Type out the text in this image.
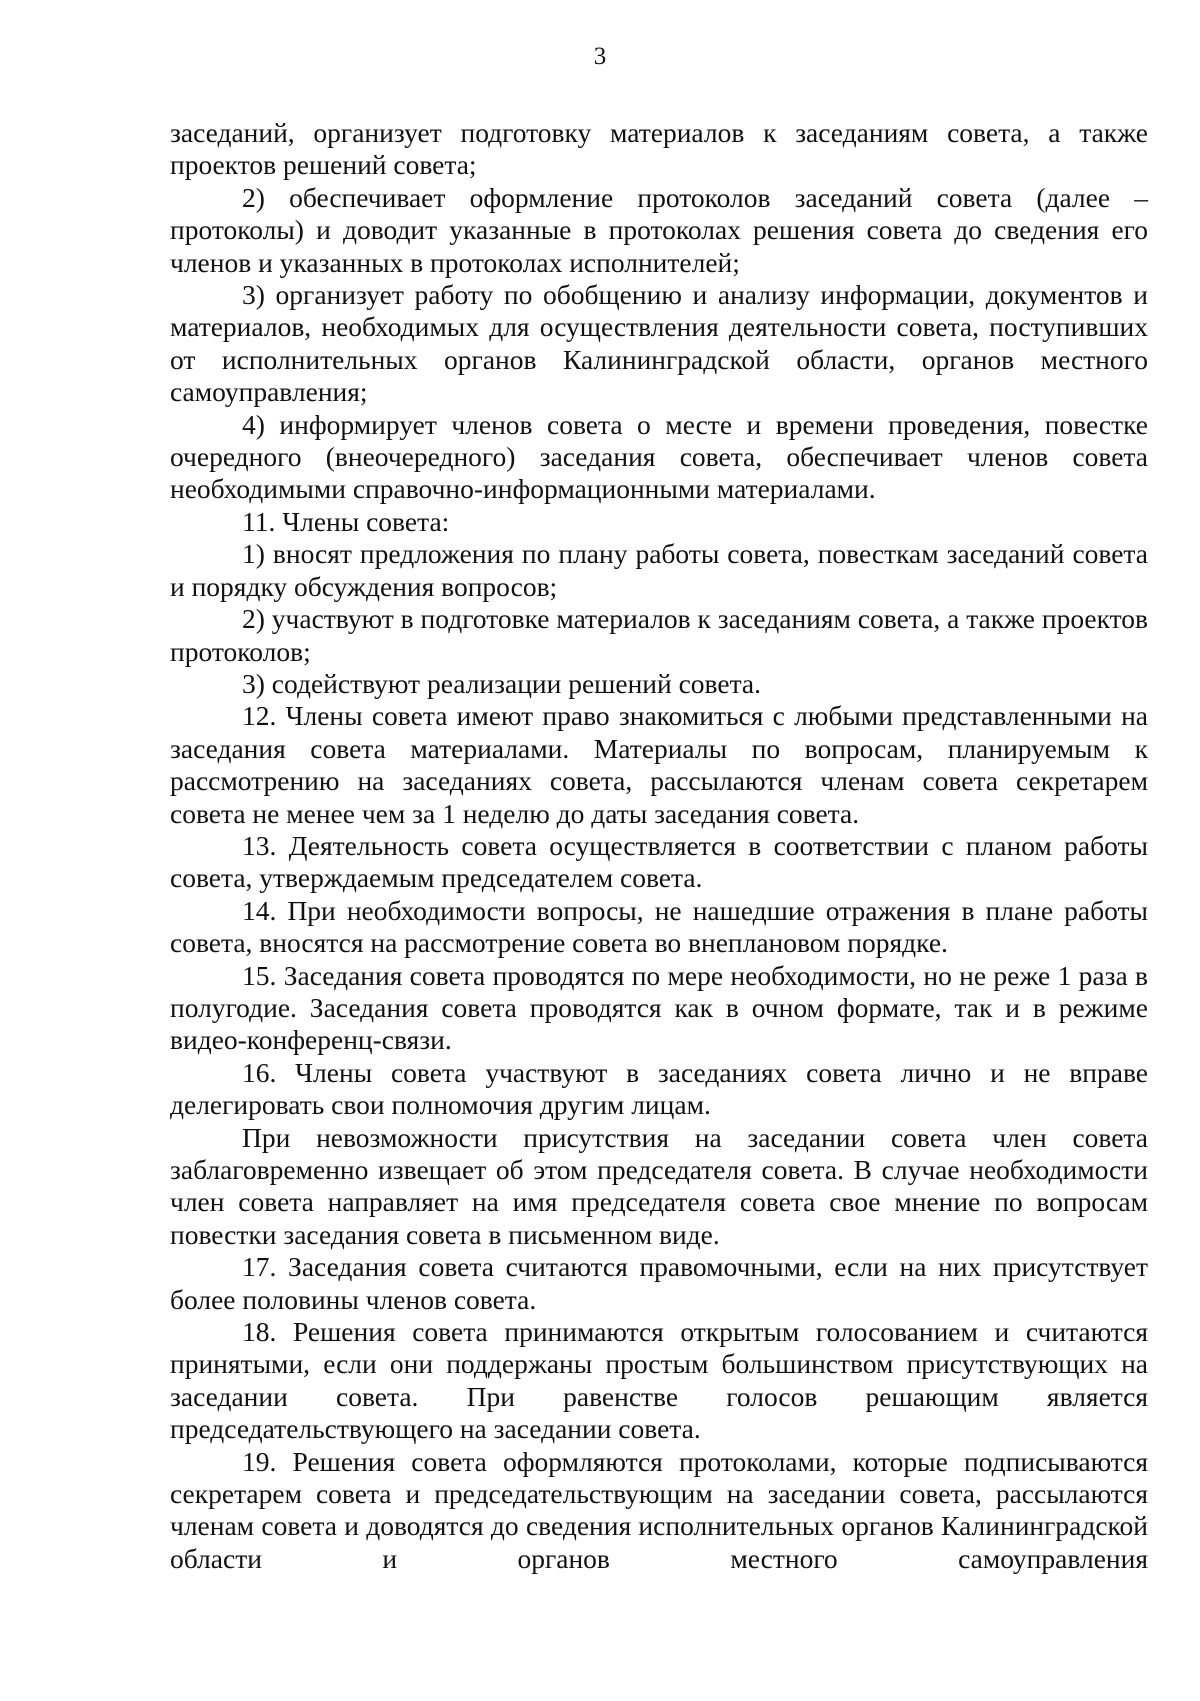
3

заседаний, организует подготовку материалов к заседаниям совета, а также проектов решений совета;

2) обеспечивает оформление протоколов заседаний совета (далее – протоколы) и доводит указанные в протоколах решения совета до сведения его членов и указанных в протоколах исполнителей;

3) организует работу по обобщению и анализу информации, документов и материалов, необходимых для осуществления деятельности совета, поступивших от исполнительных органов Калининградской области, органов местного самоуправления;

4) информирует членов совета о месте и времени проведения, повестке очередного (внеочередного) заседания совета, обеспечивает членов совета необходимыми справочно-информационными материалами.

11. Члены совета:

1) вносят предложения по плану работы совета, повесткам заседаний совета и порядку обсуждения вопросов;

2) участвуют в подготовке материалов к заседаниям совета, а также проектов протоколов;

3) содействуют реализации решений совета.

12. Члены совета имеют право знакомиться с любыми представленными на заседания совета материалами. Материалы по вопросам, планируемым к рассмотрению на заседаниях совета, рассылаются членам совета секретарем совета не менее чем за 1 неделю до даты заседания совета.

13. Деятельность совета осуществляется в соответствии с планом работы совета, утверждаемым председателем совета.

14. При необходимости вопросы, не нашедшие отражения в плане работы совета, вносятся на рассмотрение совета во внеплановом порядке.

15. Заседания совета проводятся по мере необходимости, но не реже 1 раза в полугодие. Заседания совета проводятся как в очном формате, так и в режиме видео-конференц-связи.

16. Члены совета участвуют в заседаниях совета лично и не вправе делегировать свои полномочия другим лицам.

При невозможности присутствия на заседании совета член совета заблаговременно извещает об этом председателя совета. В случае необходимости член совета направляет на имя председателя совета свое мнение по вопросам повестки заседания совета в письменном виде.

17. Заседания совета считаются правомочными, если на них присутствует более половины членов совета.

18. Решения совета принимаются открытым голосованием и считаются принятыми, если они поддержаны простым большинством присутствующих на заседании совета. При равенстве голосов решающим является председательствующего на заседании совета.

19. Решения совета оформляются протоколами, которые подписываются секретарем совета и председательствующим на заседании совета, рассылаются членам совета и доводятся до сведения исполнительных органов Калининградской области и органов местного самоуправления
